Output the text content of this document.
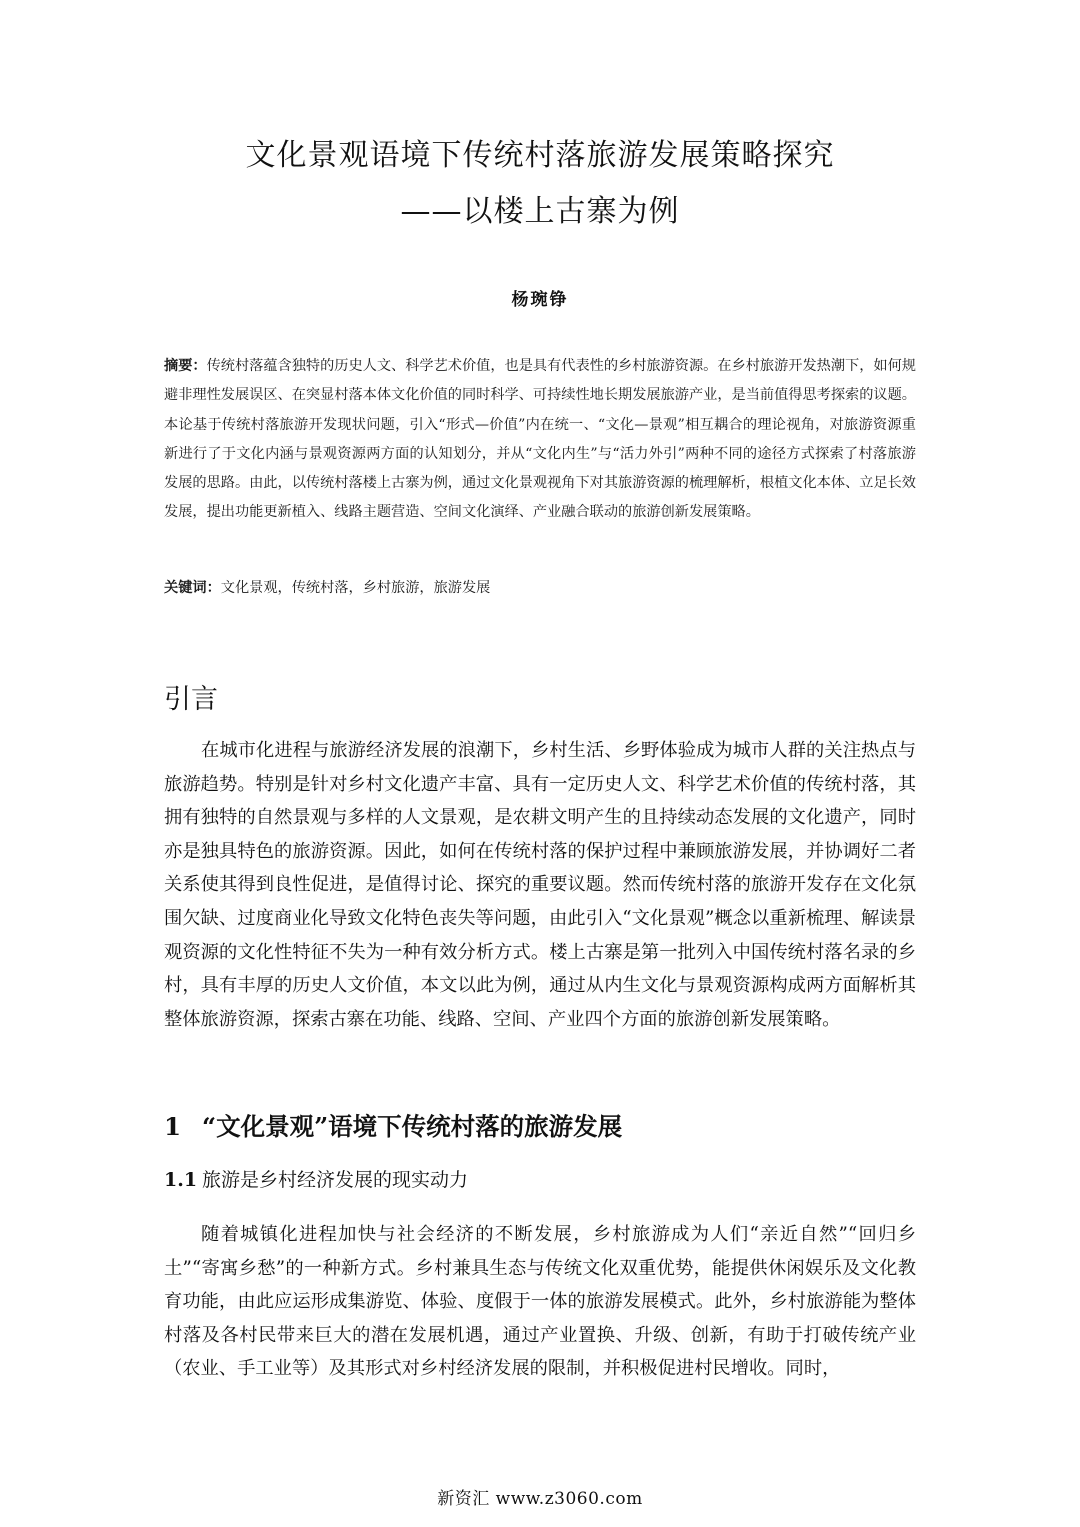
文化景观语境下传统村落旅游发展策略探究
——以楼上古寨为例
杨琬铮
摘要：传统村落蕴含独特的历史人文、科学艺术价值，也是具有代表性的乡村旅游资源。在乡村旅游开发热潮下，如何规避非理性发展误区、在突显村落本体文化价值的同时科学、可持续性地长期发展旅游产业，是当前值得思考探索的议题。本论基于传统村落旅游开发现状问题，引入“形式—价值”内在统一、“文化—景观”相互耦合的理论视角，对旅游资源重新进行了于文化内涵与景观资源两方面的认知划分，并从“文化内生”与“活力外引”两种不同的途径方式探索了村落旅游发展的思路。由此，以传统村落楼上古寨为例，通过文化景观视角下对其旅游资源的梳理解析，根植文化本体、立足长效发展，提出功能更新植入、线路主题营造、空间文化演绎、产业融合联动的旅游创新发展策略。
关键词：文化景观，传统村落，乡村旅游，旅游发展
引言
在城市化进程与旅游经济发展的浪潮下，乡村生活、乡野体验成为城市人群的关注热点与旅游趋势。特别是针对乡村文化遗产丰富、具有一定历史人文、科学艺术价值的传统村落，其拥有独特的自然景观与多样的人文景观，是农耕文明产生的且持续动态发展的文化遗产，同时亦是独具特色的旅游资源。因此，如何在传统村落的保护过程中兼顾旅游发展，并协调好二者关系使其得到良性促进，是值得讨论、探究的重要议题。然而传统村落的旅游开发存在文化氛围欠缺、过度商业化导致文化特色丧失等问题，由此引入“文化景观”概念以重新梳理、解读景观资源的文化性特征不失为一种有效分析方式。楼上古寨是第一批列入中国传统村落名录的乡村，具有丰厚的历史人文价值，本文以此为例，通过从内生文化与景观资源构成两方面解析其整体旅游资源，探索古寨在功能、线路、空间、产业四个方面的旅游创新发展策略。
1 “文化景观”语境下传统村落的旅游发展
1.1 旅游是乡村经济发展的现实动力
随着城镇化进程加快与社会经济的不断发展，乡村旅游成为人们“亲近自然”“回归乡土”“寄寓乡愁”的一种新方式。乡村兼具生态与传统文化双重优势，能提供休闲娱乐及文化教育功能，由此应运形成集游览、体验、度假于一体的旅游发展模式。此外，乡村旅游能为整体村落及各村民带来巨大的潜在发展机遇，通过产业置换、升级、创新，有助于打破传统产业（农业、手工业等）及其形式对乡村经济发展的限制，并积极促进村民增收。同时，
新资汇 www.z3060.com
